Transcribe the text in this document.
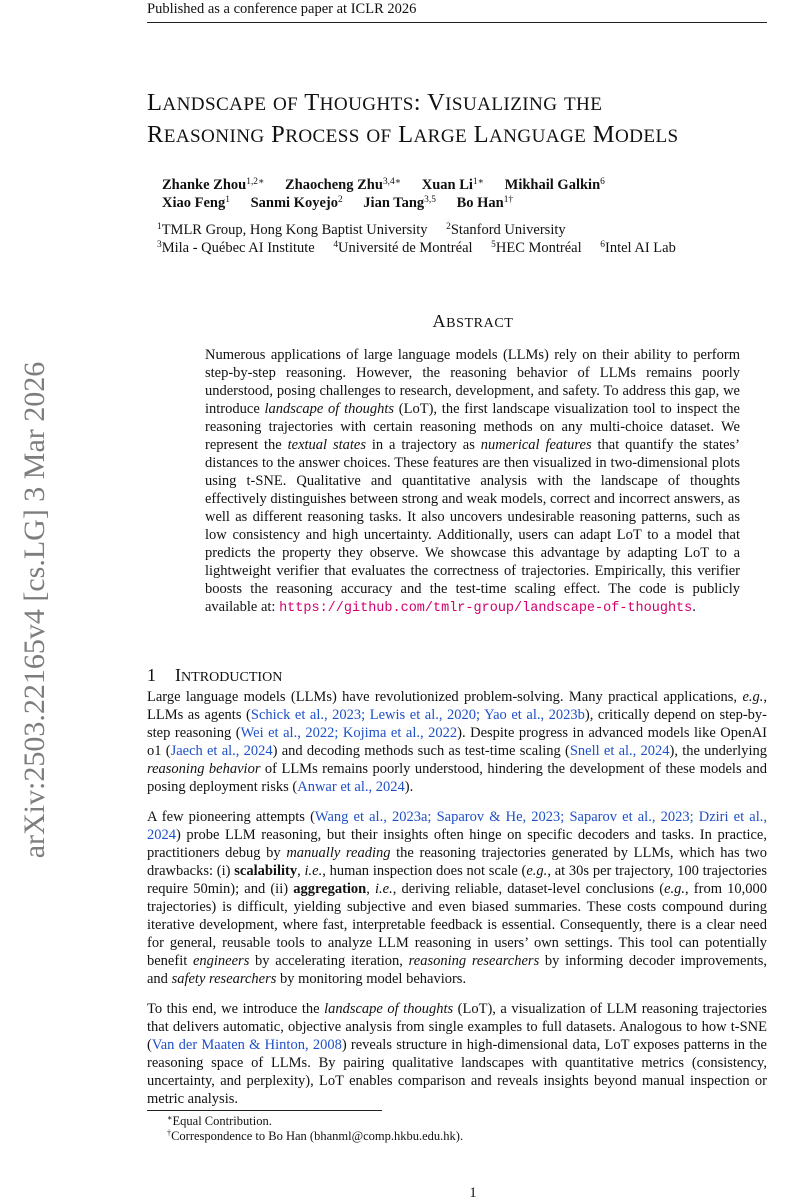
Published as a conference paper at ICLR 2026
arXiv:2503.22165v4 [cs.LG] 3 Mar 2026
LANDSCAPE OF THOUGHTS: VISUALIZING THE
REASONING PROCESS OF LARGE LANGUAGE MODELS
Zhanke Zhou$^{1,2∗}$ Zhaocheng Zhu$^{3,4∗}$ Xuan $Li^{1∗}$ Mikhail Galkin$^6$
Xiao Feng$^1$ Sanmi Koyejo$^2$ Jian Tang$^{3,5}$ Bo Han$^{1\dagger}$
$^1$TMLR Group, Hong Kong Baptist University $^2$Stanford University
$^3$Mila - Québec AI Institute $^4$Université de Montréal $^5$HEC Montréal $^6$Intel AI Lab
ABSTRACT
Numerous applications of large language models (LLMs) rely on their ability to perform step-by-step reasoning. However, the reasoning behavior of LLMs remains poorly understood, posing challenges to research, development, and safety. To address this gap, we introduce landscape of thoughts (LoT), the first landscape visualization tool to inspect the reasoning trajectories with certain reasoning methods on any multi-choice dataset. We represent the textual states in a trajectory as numerical features that quantify the states’ distances to the answer choices. These features are then visualized in two-dimensional plots using t-SNE. Qualitative and quantitative analysis with the landscape of thoughts effectively distinguishes between strong and weak models, correct and incorrect answers, as well as different reasoning tasks. It also uncovers undesirable reasoning patterns, such as low consistency and high uncertainty. Additionally, users can adapt LoT to a model that predicts the property they observe. We showcase this advantage by adapting LoT to a lightweight verifier that evaluates the correctness of trajectories. Empirically, this verifier boosts the reasoning accuracy and the test-time scaling effect. The code is publicly available at: https://github.com/tmlr-group/landscape-of-thoughts.
1 INTRODUCTION

Large language models (LLMs) have revolutionized problem-solving. Many practical applications, e.g., LLMs as agents (Schick et al., 2023; Lewis et al., 2020; Yao et al., 2023b), critically depend on step-by-step reasoning (Wei et al., 2022; Kojima et al., 2022). Despite progress in advanced models like OpenAI o1 (Jaech et al., 2024) and decoding methods such as test-time scaling (Snell et al., 2024), the underlying reasoning behavior of LLMs remains poorly understood, hindering the development of these models and posing deployment risks (Anwar et al., 2024).

A few pioneering attempts (Wang et al., 2023a; Saparov & He, 2023; Saparov et al., 2023; Dziri et al., 2024) probe LLM reasoning, but their insights often hinge on specific decoders and tasks. In practice, practitioners debug by manually reading the reasoning trajectories generated by LLMs, which has two drawbacks: (i) scalability, i.e., human inspection does not scale (e.g., at 30s per trajectory, 100 trajectories require 50min); and (ii) aggregation, i.e., deriving reliable, dataset-level conclusions (e.g., from 10,000 trajectories) is difficult, yielding subjective and even biased summaries. These costs compound during iterative development, where fast, interpretable feedback is essential. Consequently, there is a clear need for general, reusable tools to analyze LLM reasoning in users’ own settings. This tool can potentially benefit engineers by accelerating iteration, reasoning researchers by informing decoder improvements, and safety researchers by monitoring model behaviors.

To this end, we introduce the landscape of thoughts (LoT), a visualization of LLM reasoning trajectories that delivers automatic, objective analysis from single examples to full datasets. Analogous to how t-SNE (Van der Maaten & Hinton, 2008) reveals structure in high-dimensional data, LoT exposes patterns in the reasoning space of LLMs. By pairing qualitative landscapes with quantitative metrics (consistency, uncertainty, and perplexity), LoT enables comparison and reveals insights beyond manual inspection or metric analysis.

∗Equal Contribution.
†Correspondence to Bo Han (bhanml@comp.hkbu.edu.hk).
1
